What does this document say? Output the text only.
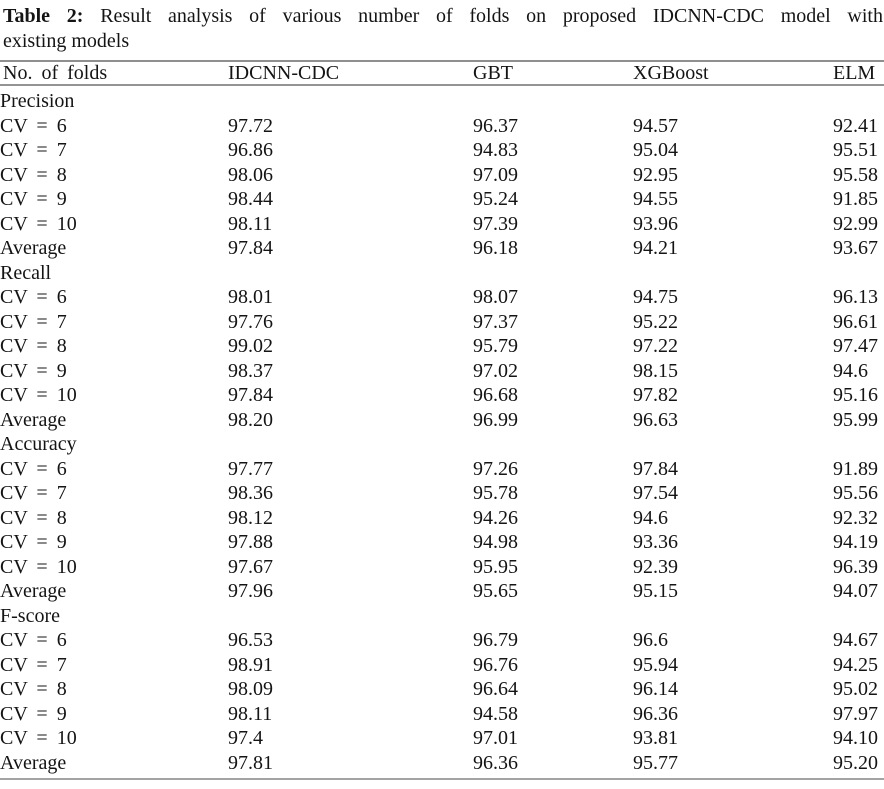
Table 2: Result analysis of various number of folds on proposed IDCNN-CDC model with
existing models

No. of folds	IDCNN-CDC	GBT	XGBoost	ELM
Precision				
CV = 6	97.72	96.37	94.57	92.41
CV = 7	96.86	94.83	95.04	95.51
CV = 8	98.06	97.09	92.95	95.58
CV = 9	98.44	95.24	94.55	91.85
CV = 10	98.11	97.39	93.96	92.99
Average	97.84	96.18	94.21	93.67
Recall				
CV = 6	98.01	98.07	94.75	96.13
CV = 7	97.76	97.37	95.22	96.61
CV = 8	99.02	95.79	97.22	97.47
CV = 9	98.37	97.02	98.15	94.6
CV = 10	97.84	96.68	97.82	95.16
Average	98.20	96.99	96.63	95.99
Accuracy				
CV = 6	97.77	97.26	97.84	91.89
CV = 7	98.36	95.78	97.54	95.56
CV = 8	98.12	94.26	94.6	92.32
CV = 9	97.88	94.98	93.36	94.19
CV = 10	97.67	95.95	92.39	96.39
Average	97.96	95.65	95.15	94.07
F-score				
CV = 6	96.53	96.79	96.6	94.67
CV = 7	98.91	96.76	95.94	94.25
CV = 8	98.09	96.64	96.14	95.02
CV = 9	98.11	94.58	96.36	97.97
CV = 10	97.4	97.01	93.81	94.10
Average	97.81	96.36	95.77	95.20
